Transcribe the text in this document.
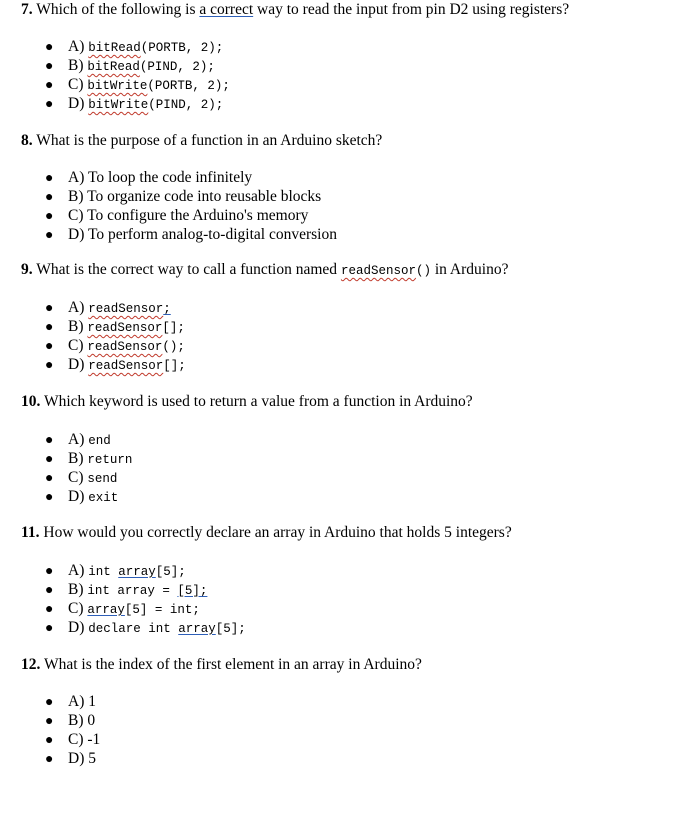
7. Which of the following is a correct way to read the input from pin D2 using registers?
● A) bitRead(PORTB, 2);
● B) bitRead(PIND, 2);
● C) bitWrite(PORTB, 2);
● D) bitWrite(PIND, 2);
8. What is the purpose of a function in an Arduino sketch?
● A) To loop the code infinitely
● B) To organize code into reusable blocks
● C) To configure the Arduino's memory
● D) To perform analog-to-digital conversion
9. What is the correct way to call a function named readSensor() in Arduino?
● A) readSensor;
● B) readSensor[];
● C) readSensor();
● D) readSensor[];
10. Which keyword is used to return a value from a function in Arduino?
● A) end
● B) return
● C) send
● D) exit
11. How would you correctly declare an array in Arduino that holds 5 integers?
● A) int array[5];
● B) int array = [5];
● C) array[5] = int;
● D) declare int array[5];
12. What is the index of the first element in an array in Arduino?
● A) 1
● B) 0
● C) -1
● D) 5
